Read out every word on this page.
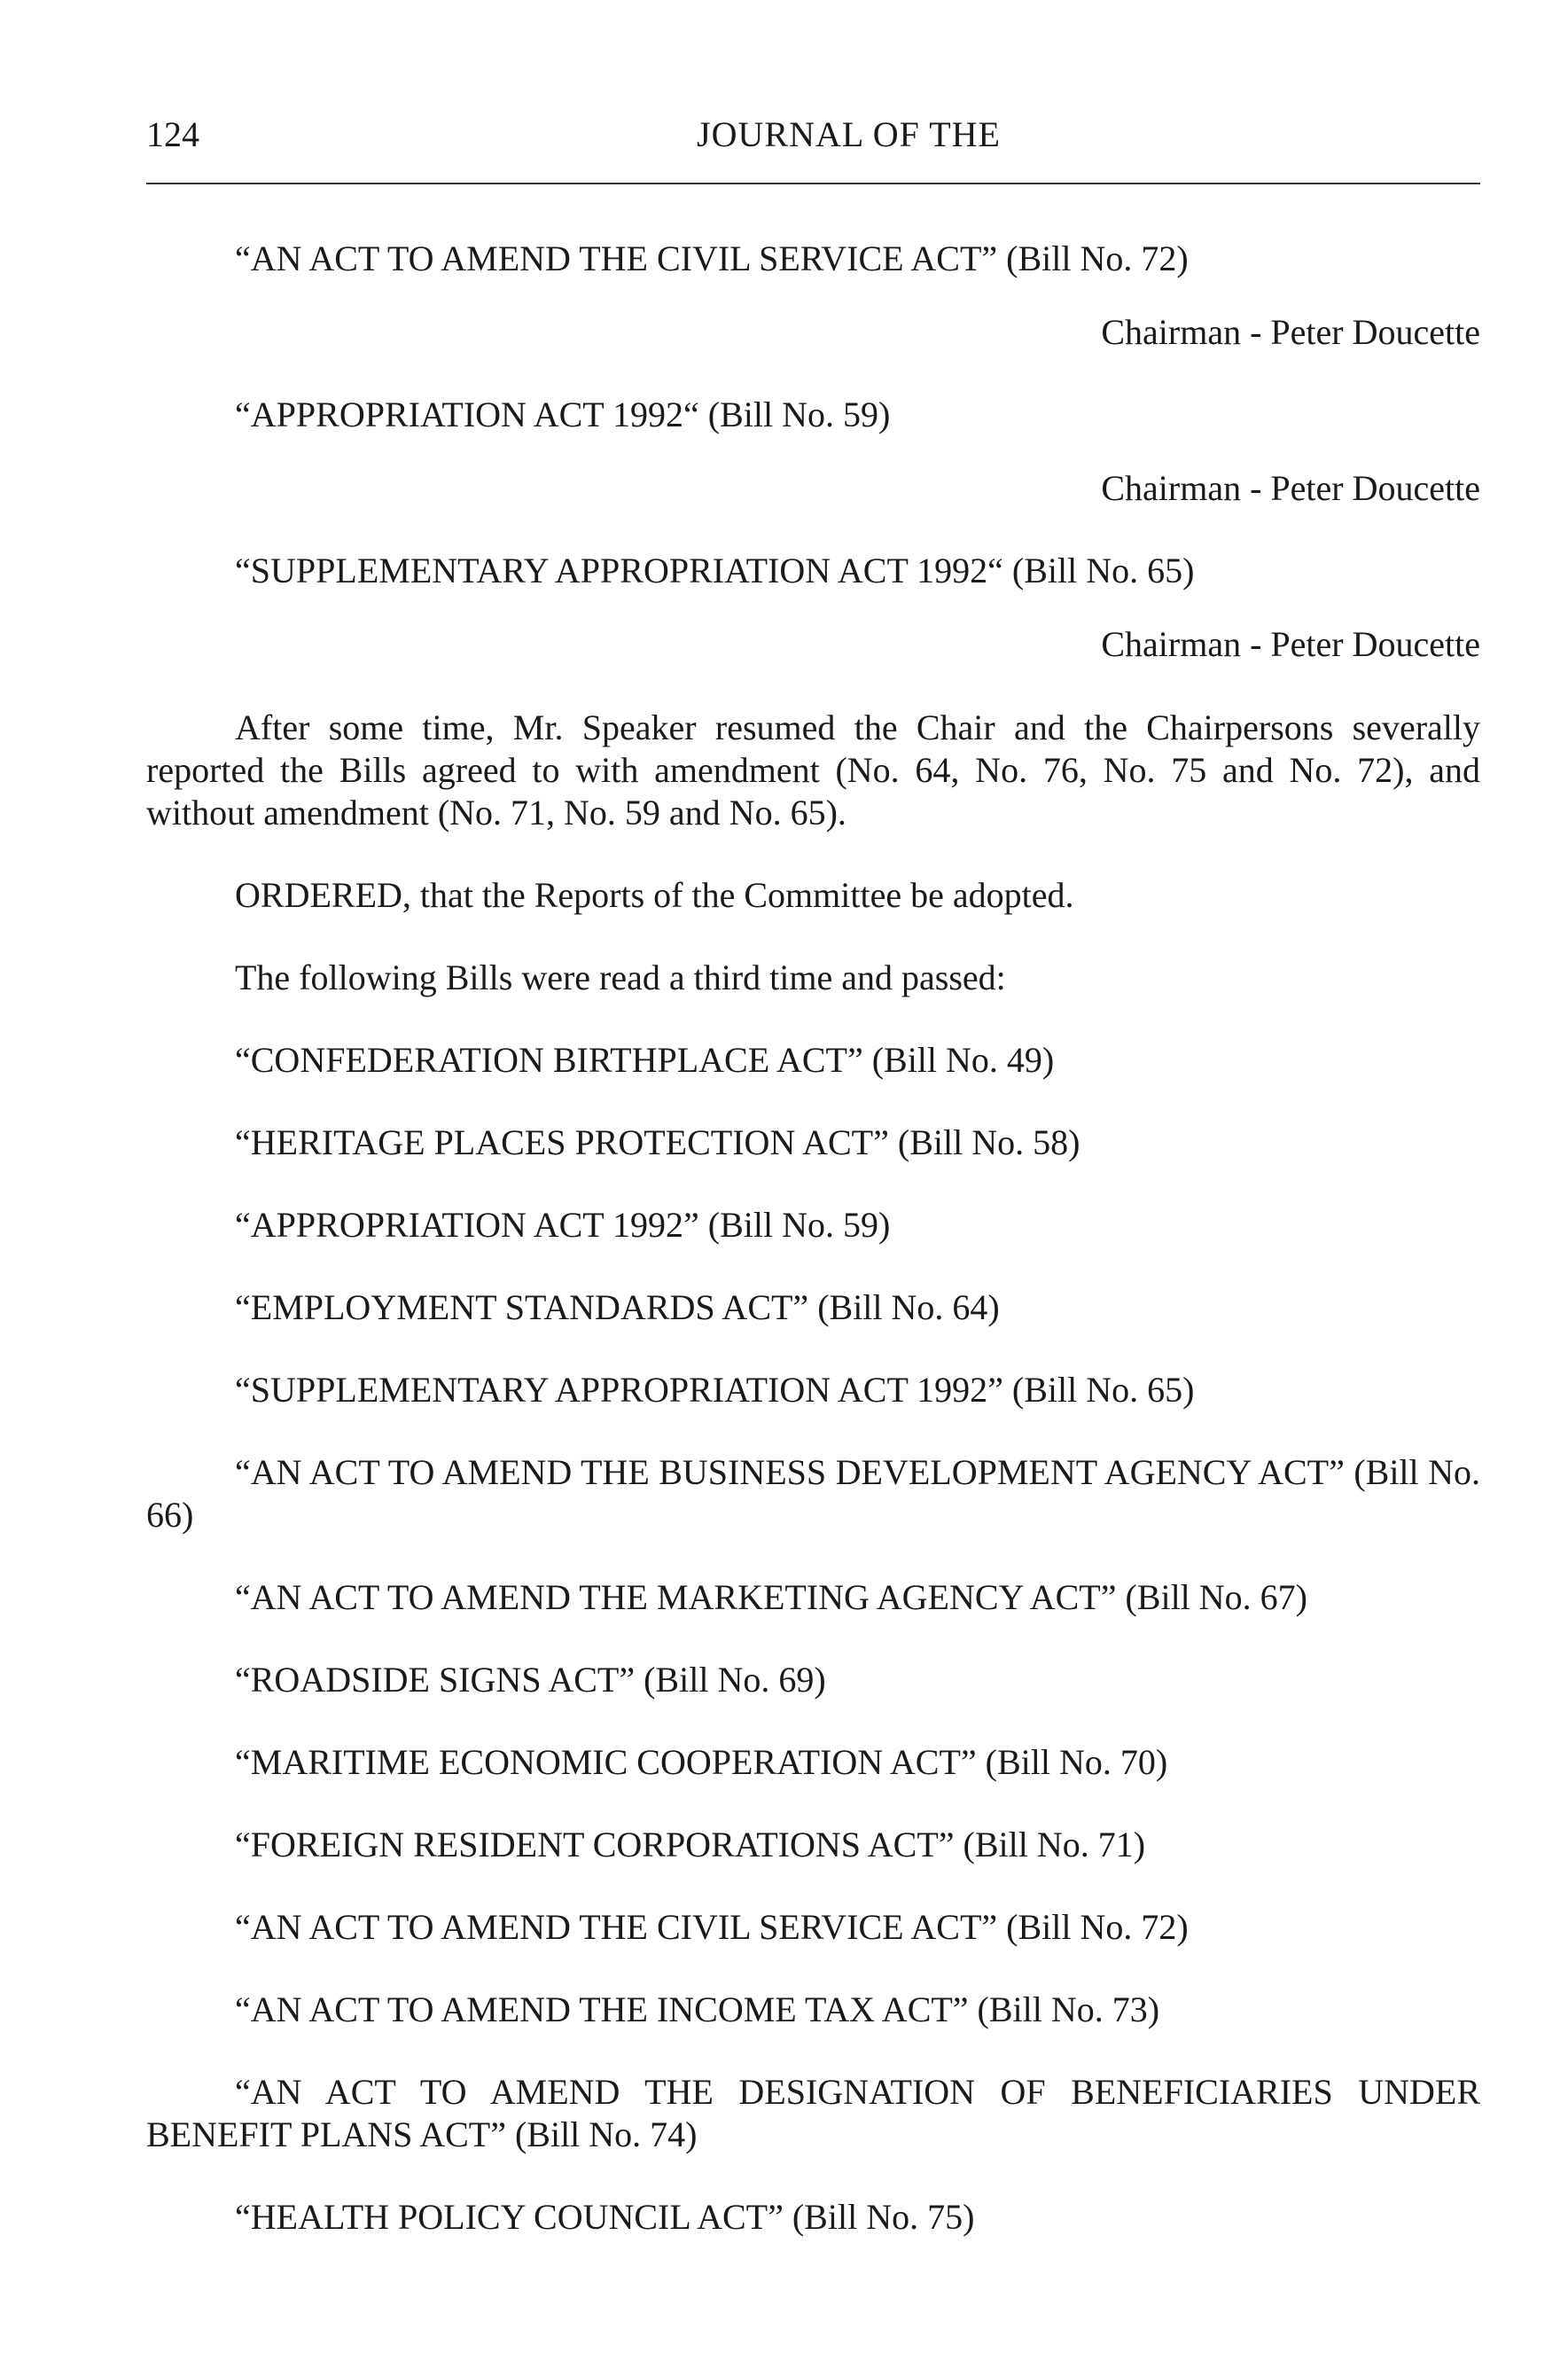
124	JOURNAL OF THE

“AN ACT TO AMEND THE CIVIL SERVICE ACT” (Bill No. 72)

Chairman - Peter Doucette

“APPROPRIATION ACT 1992“ (Bill No. 59)

Chairman - Peter Doucette

“SUPPLEMENTARY APPROPRIATION ACT 1992“ (Bill No. 65)

Chairman - Peter Doucette

After some time, Mr. Speaker resumed the Chair and the Chairpersons severally reported the Bills agreed to with amendment (No. 64, No. 76, No. 75 and No. 72), and without amendment (No. 71, No. 59 and No. 65).

ORDERED, that the Reports of the Committee be adopted.

The following Bills were read a third time and passed:

“CONFEDERATION BIRTHPLACE ACT” (Bill No. 49)

“HERITAGE PLACES PROTECTION ACT” (Bill No. 58)

“APPROPRIATION ACT 1992” (Bill No. 59)

“EMPLOYMENT STANDARDS ACT” (Bill No. 64)

“SUPPLEMENTARY APPROPRIATION ACT 1992” (Bill No. 65)

“AN ACT TO AMEND THE BUSINESS DEVELOPMENT AGENCY ACT” (Bill No. 66)

“AN ACT TO AMEND THE MARKETING AGENCY ACT” (Bill No. 67)

“ROADSIDE SIGNS ACT” (Bill No. 69)

“MARITIME ECONOMIC COOPERATION ACT” (Bill No. 70)

“FOREIGN RESIDENT CORPORATIONS ACT” (Bill No. 71)

“AN ACT TO AMEND THE CIVIL SERVICE ACT” (Bill No. 72)

“AN ACT TO AMEND THE INCOME TAX ACT” (Bill No. 73)

“AN ACT TO AMEND THE DESIGNATION OF BENEFICIARIES UNDER BENEFIT PLANS ACT” (Bill No. 74)

“HEALTH POLICY COUNCIL ACT” (Bill No. 75)
